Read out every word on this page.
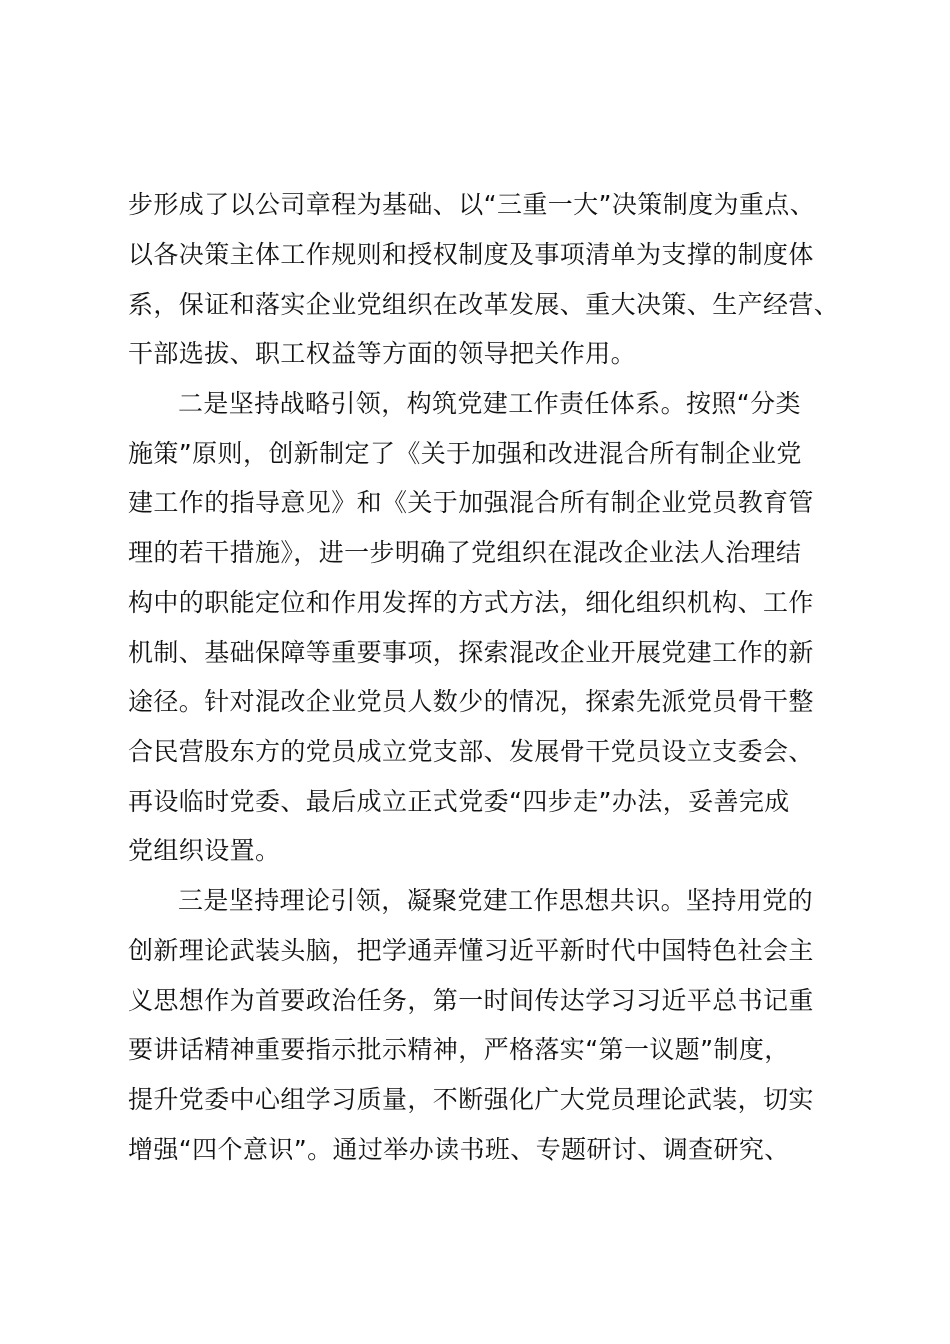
步形成了以公司章程为基础、以“三重一大”决策制度为重点、
以各决策主体工作规则和授权制度及事项清单为支撑的制度体
系，保证和落实企业党组织在改革发展、重大决策、生产经营、
干部选拔、职工权益等方面的领导把关作用。
二是坚持战略引领，构筑党建工作责任体系。按照“分类
施策”原则，创新制定了《关于加强和改进混合所有制企业党
建工作的指导意见》和《关于加强混合所有制企业党员教育管
理的若干措施》，进一步明确了党组织在混改企业法人治理结
构中的职能定位和作用发挥的方式方法，细化组织机构、工作
机制、基础保障等重要事项，探索混改企业开展党建工作的新
途径。针对混改企业党员人数少的情况，探索先派党员骨干整
合民营股东方的党员成立党支部、发展骨干党员设立支委会、
再设临时党委、最后成立正式党委“四步走”办法，妥善完成
党组织设置。
三是坚持理论引领，凝聚党建工作思想共识。坚持用党的
创新理论武装头脑，把学通弄懂习近平新时代中国特色社会主
义思想作为首要政治任务，第一时间传达学习习近平总书记重
要讲话精神重要指示批示精神，严格落实“第一议题”制度，
提升党委中心组学习质量，不断强化广大党员理论武装，切实
增强“四个意识”。通过举办读书班、专题研讨、调查研究、
